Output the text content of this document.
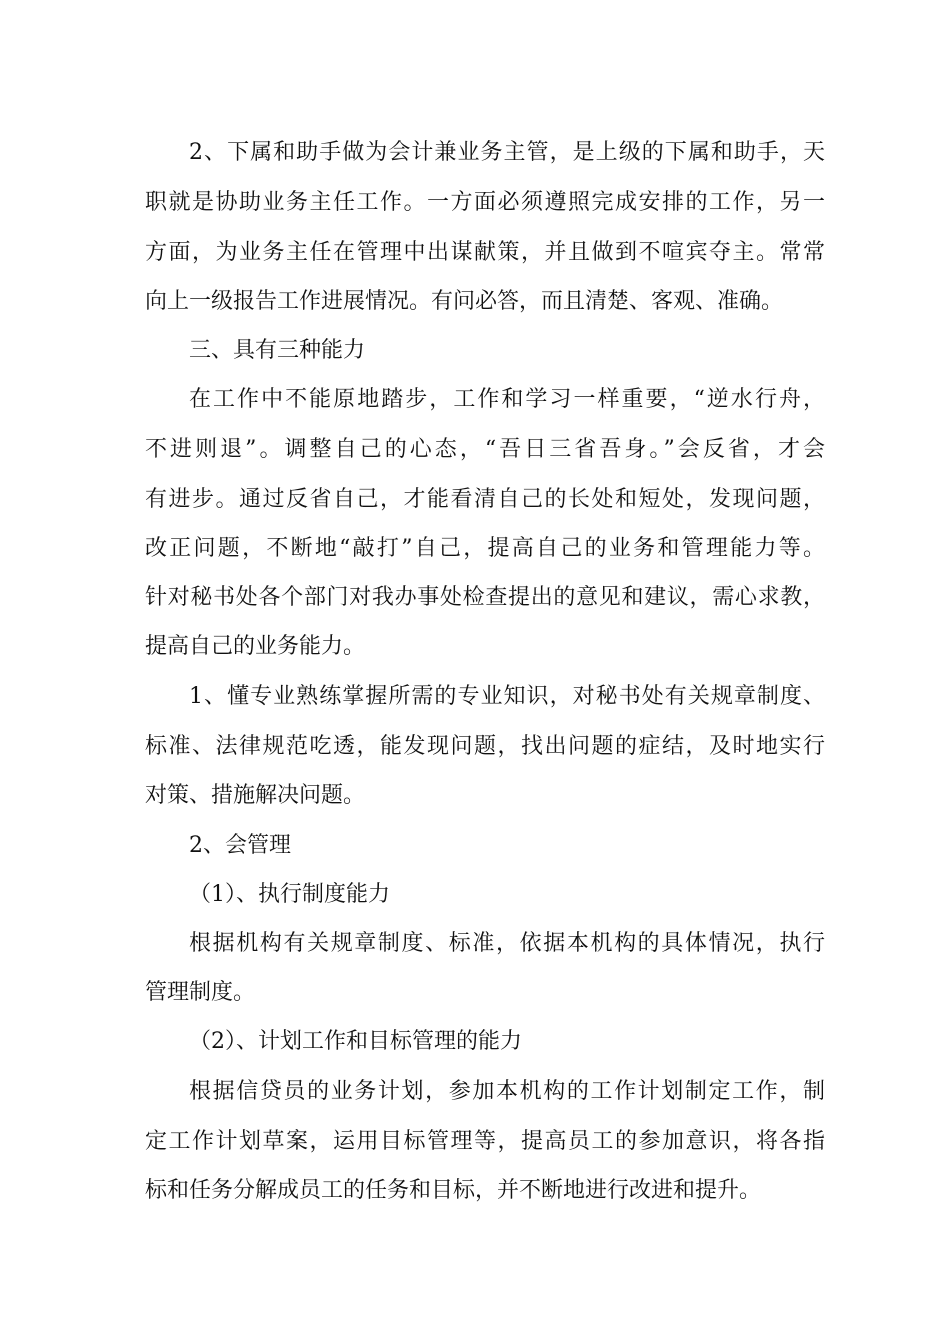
2、下属和助手做为会计兼业务主管，是上级的下属和助手，天

职就是协助业务主任工作。一方面必须遵照完成安排的工作，另一

方面，为业务主任在管理中出谋献策，并且做到不喧宾夺主。常常

向上一级报告工作进展情况。有问必答，而且清楚、客观、准确。

三、具有三种能力

在工作中不能原地踏步，工作和学习一样重要，“逆水行舟，

不进则退”。调整自己的心态，“吾日三省吾身。”会反省，才会

有进步。通过反省自己，才能看清自己的长处和短处，发现问题，

改正问题，不断地“敲打”自己，提高自己的业务和管理能力等。

针对秘书处各个部门对我办事处检查提出的意见和建议，需心求教，

提高自己的业务能力。

1、懂专业熟练掌握所需的专业知识，对秘书处有关规章制度、

标准、法律规范吃透，能发现问题，找出问题的症结，及时地实行

对策、措施解决问题。

2、会管理

（1）、执行制度能力

根据机构有关规章制度、标准，依据本机构的具体情况，执行

管理制度。

（2）、计划工作和目标管理的能力

根据信贷员的业务计划，参加本机构的工作计划制定工作，制

定工作计划草案，运用目标管理等，提高员工的参加意识，将各指

标和任务分解成员工的任务和目标，并不断地进行改进和提升。
